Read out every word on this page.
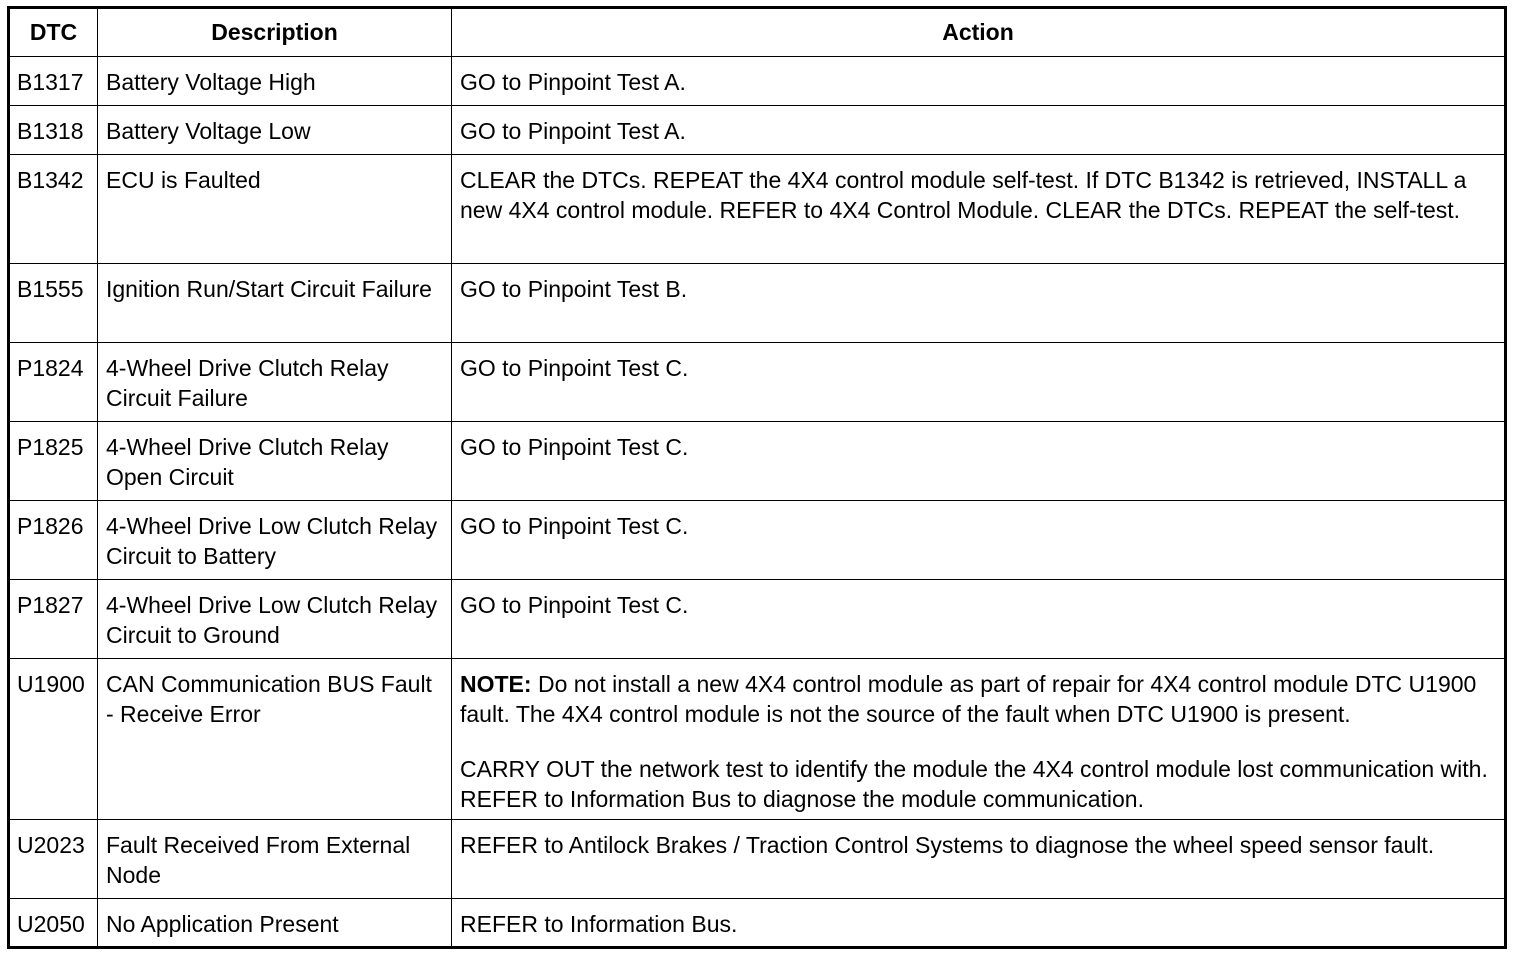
DTC	Description	Action
B1317	Battery Voltage High	GO to Pinpoint Test A.
B1318	Battery Voltage Low	GO to Pinpoint Test A.
B1342	ECU is Faulted	CLEAR the DTCs. REPEAT the 4X4 control module self-test. If DTC B1342 is retrieved, INSTALL a new 4X4 control module. REFER to 4X4 Control Module. CLEAR the DTCs. REPEAT the self-test.
B1555	Ignition Run/Start Circuit Failure	GO to Pinpoint Test B.
P1824	4-Wheel Drive Clutch Relay Circuit Failure	GO to Pinpoint Test C.
P1825	4-Wheel Drive Clutch Relay Open Circuit	GO to Pinpoint Test C.
P1826	4-Wheel Drive Low Clutch Relay Circuit to Battery	GO to Pinpoint Test C.
P1827	4-Wheel Drive Low Clutch Relay Circuit to Ground	GO to Pinpoint Test C.
U1900	CAN Communication BUS Fault - Receive Error	NOTE: Do not install a new 4X4 control module as part of repair for 4X4 control module DTC U1900 fault. The 4X4 control module is not the source of the fault when DTC U1900 is present.
CARRY OUT the network test to identify the module the 4X4 control module lost communication with. REFER to Information Bus to diagnose the module communication.

U2023	Fault Received From External Node	REFER to Antilock Brakes / Traction Control Systems to diagnose the wheel speed sensor fault.
U2050	No Application Present	REFER to Information Bus.
